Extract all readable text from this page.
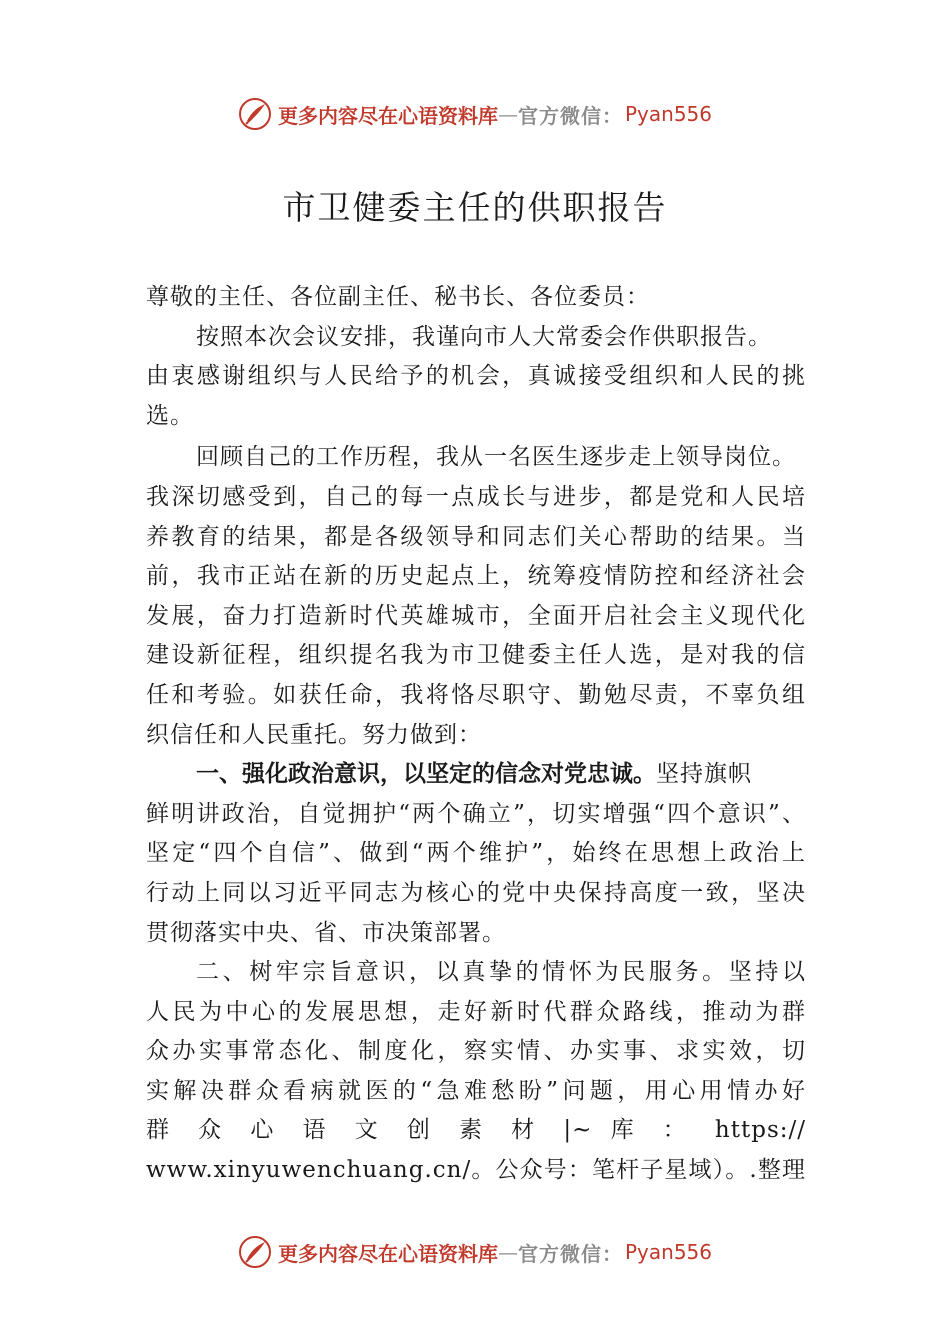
更多内容尽在心语资料库 — 官方微信： Pyan556
市卫健委主任的供职报告
尊敬的主任、各位副主任、秘书长、各位委员：
按照本次会议安排，我谨向市人大常委会作供职报告。
由衷感谢组织与人民给予的机会，真诚接受组织和人民的挑
选。
回顾自己的工作历程，我从一名医生逐步走上领导岗位。
我深切感受到，自己的每一点成长与进步，都是党和人民培
养教育的结果，都是各级领导和同志们关心帮助的结果。当
前，我市正站在新的历史起点上，统筹疫情防控和经济社会
发展，奋力打造新时代英雄城市，全面开启社会主义现代化
建设新征程，组织提名我为市卫健委主任人选，是对我的信
任和考验。如获任命，我将恪尽职守、勤勉尽责，不辜负组
织信任和人民重托。努力做到：
一、强化政治意识，以坚定的信念对党忠诚。坚持旗帜
鲜明讲政治，自觉拥护“两个确立”，切实增强“四个意识”、
坚定“四个自信”、做到“两个维护”，始终在思想上政治上
行动上同以习近平同志为核心的党中央保持高度一致，坚决
贯彻落实中央、省、市决策部署。
二、树牢宗旨意识，以真挚的情怀为民服务。坚持以
人民为中心的发展思想，走好新时代群众路线，推动为群
众办实事常态化、制度化，察实情、办实事、求实效，切
实解决群众看病就医的“急难愁盼”问题，用心用情办好
群 众 心 语 文 创 素 材 |~ 库 ： https://
www.xinyuwenchuang.cn/。公众号：笔杆子星域）。.整理
更多内容尽在心语资料库 — 官方微信： Pyan556
